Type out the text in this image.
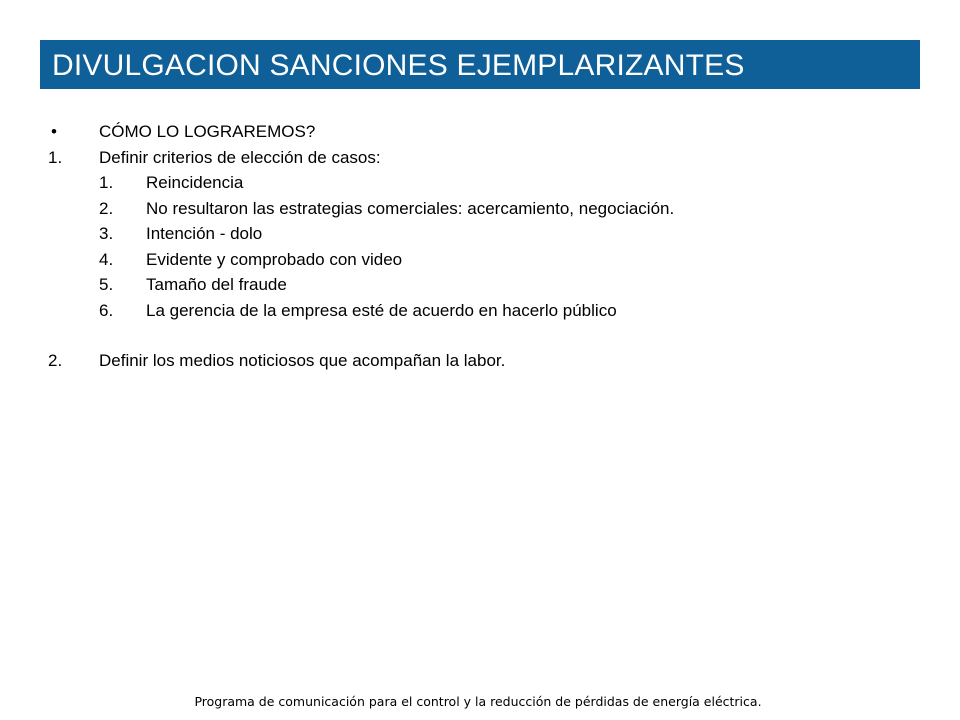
DIVULGACION SANCIONES EJEMPLARIZANTES
• CÓMO LO LOGRAREMOS?
1. Definir criterios de elección de casos:
1. Reincidencia
2. No resultaron las estrategias comerciales: acercamiento, negociación.
3. Intención - dolo
4. Evidente y comprobado con video
5. Tamaño del fraude
6. La gerencia de la empresa esté de acuerdo en hacerlo público
2. Definir los medios noticiosos que acompañan la labor.
Programa de comunicación para el control y la reducción de pérdidas de energía eléctrica.
